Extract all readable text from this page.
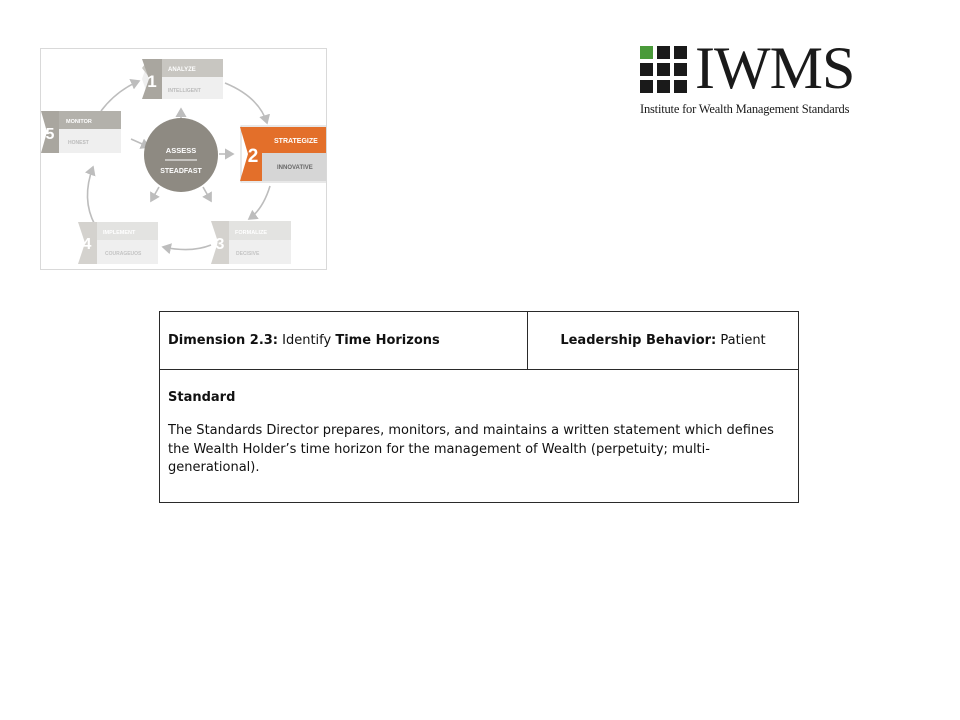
ASSESS
STEADFAST
1
ANALYZE
INTELLIGENT
2
STRATEGIZE
INNOVATIVE
3
FORMALIZE
DECISIVE
4
IMPLEMENT
COURAGEUOS
5
MONITOR
HONEST
IWMS
Institute for Wealth Management Standards
Dimension 2.3: Identify Time Horizons	Leadership Behavior: Patient
Standard
The Standards Director prepares, monitors, and maintains a written statement which defines the Wealth Holder’s time horizon for the management of Wealth (perpetuity; multi-generational).
